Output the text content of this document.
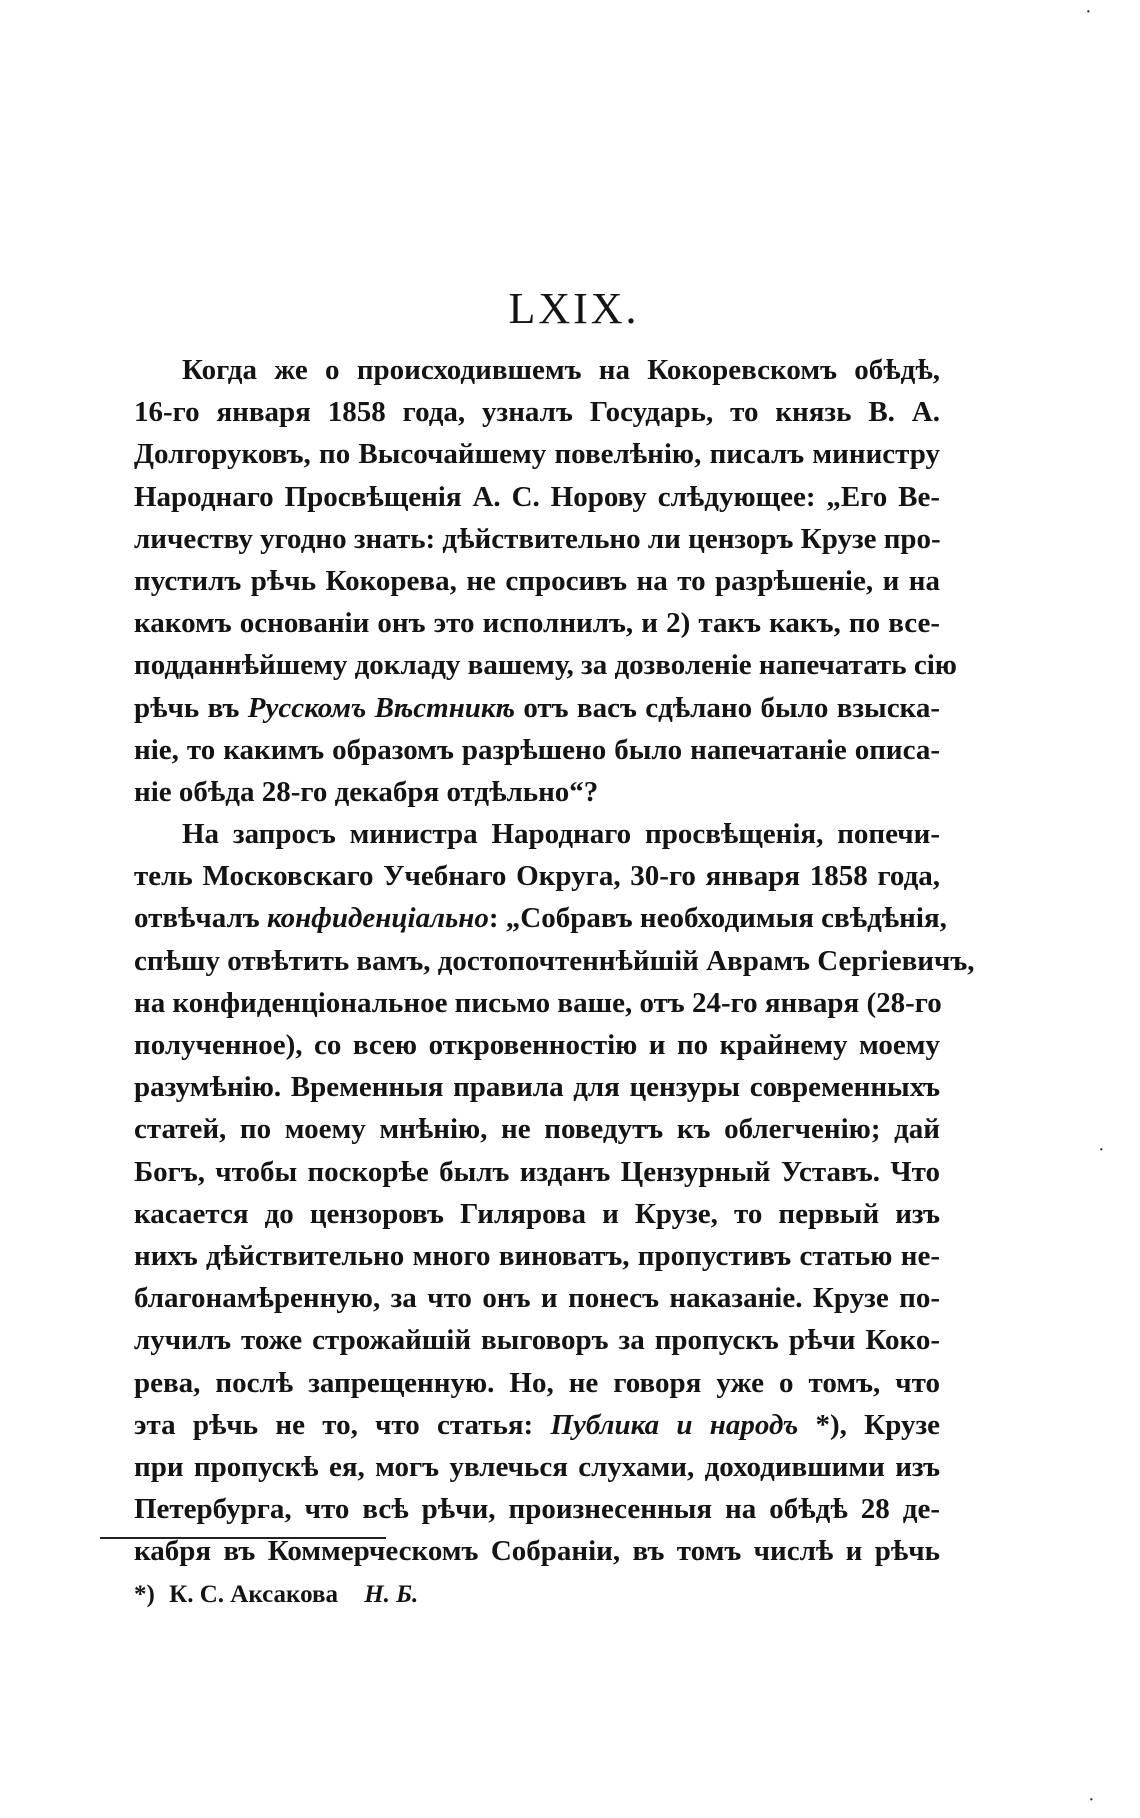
LXIX.
Когда же о происходившемъ на Кокоревскомъ обѣдѣ,
16-го января 1858 года, узналъ Государь, то князь В. А.
Долгоруковъ, по Высочайшему повелѣнію, писалъ министру
Народнаго Просвѣщенія А. С. Норову слѣдующее: „Его Ве-
личеству угодно знать: дѣйствительно ли цензоръ Крузе про-
пустилъ рѣчь Кокорева, не спросивъ на то разрѣшеніе, и на
какомъ основаніи онъ это исполнилъ, и 2) такъ какъ, по все-
подданнѣйшему докладу вашему, за дозволеніе напечатать сію
рѣчь въ Русскомъ Вѣстникѣ отъ васъ сдѣлано было взыска-
ніе, то какимъ образомъ разрѣшено было напечатаніе описа-
ніе обѣда 28-го декабря отдѣльно“?
На запросъ министра Народнаго просвѣщенія, попечи-
тель Московскаго Учебнаго Округа, 30-го января 1858 года,
отвѣчалъ конфиденціально: „Собравъ необходимыя свѣдѣнія,
спѣшу отвѣтить вамъ, достопочтеннѣйшій Аврамъ Сергіевичъ,
на конфиденціональное письмо ваше, отъ 24-го января (28-го
полученное), со всею откровенностію и по крайнему моему
разумѣнію. Временныя правила для цензуры современныхъ
статей, по моему мнѣнію, не поведутъ къ облегченію; дай
Богъ, чтобы поскорѣе былъ изданъ Цензурный Уставъ. Что
касается до цензоровъ Гилярова и Крузе, то первый изъ
нихъ дѣйствительно много виноватъ, пропустивъ статью не-
благонамѣренную, за что онъ и понесъ наказаніе. Крузе по-
лучилъ тоже строжайшій выговоръ за пропускъ рѣчи Коко-
рева, послѣ запрещенную. Но, не говоря уже о томъ, что
эта рѣчь не то, что статья: Публика и народъ *), Крузе
при пропускѣ ея, могъ увлечься слухами, доходившими изъ
Петербурга, что всѣ рѣчи, произнесенныя на обѣдѣ 28 де-
кабря въ Коммерческомъ Собраніи, въ томъ числѣ и рѣчь
*) К. С. Аксакова Н. Б.
·
·
·
